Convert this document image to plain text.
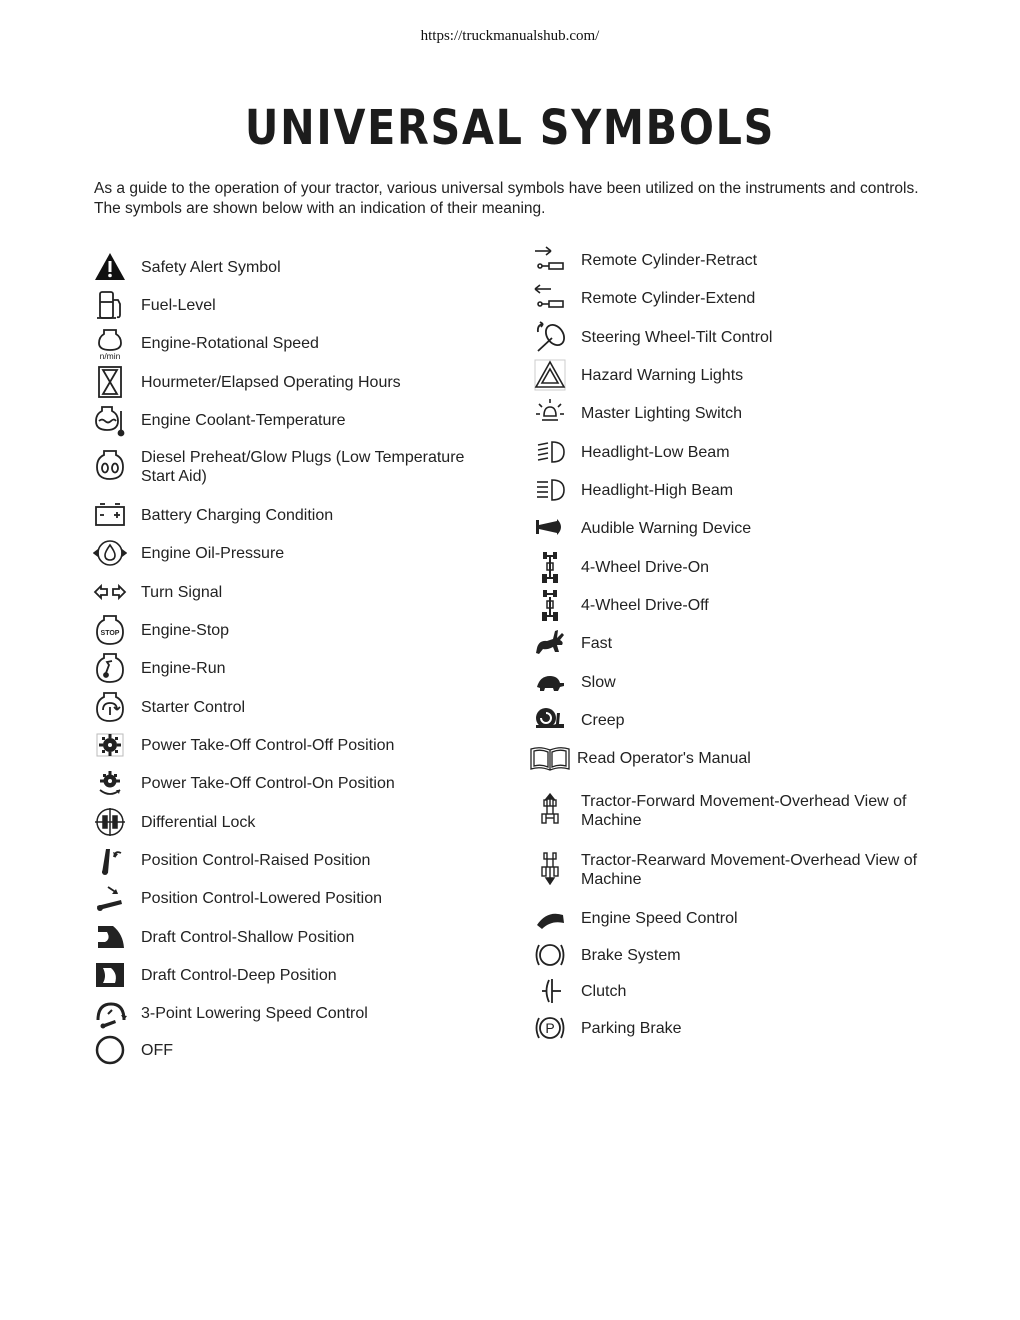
https://truckmanualshub.com/
UNIVERSAL SYMBOLS
As a guide to the operation of your tractor, various universal symbols have been utilized on the instruments and controls. The symbols are shown below with an indication of their meaning.
Safety Alert Symbol
Fuel-Level
n/min
Engine-Rotational Speed
Hourmeter/Elapsed Operating Hours
Engine Coolant-Temperature
Diesel Preheat/Glow Plugs (Low Temperature Start Aid)
Battery Charging Condition
Engine Oil-Pressure
Turn Signal
STOP Engine-Stop
Engine-Run
Starter Control
Power Take-Off Control-Off Position
Power Take-Off Control-On Position
Differential Lock
Position Control-Raised Position
Position Control-Lowered Position
Draft Control-Shallow Position
Draft Control-Deep Position
3-Point Lowering Speed Control
OFF
Remote Cylinder-Retract
Remote Cylinder-Extend
Steering Wheel-Tilt Control
Hazard Warning Lights
Master Lighting Switch
Headlight-Low Beam
Headlight-High Beam
Audible Warning Device
4-Wheel Drive-On
4-Wheel Drive-Off
Fast
Slow
Creep
Read Operator's Manual
Tractor-Forward Movement-Overhead View of Machine
Tractor-Rearward Movement-Overhead View of Machine
Engine Speed Control
Brake System
Clutch
P Parking Brake
